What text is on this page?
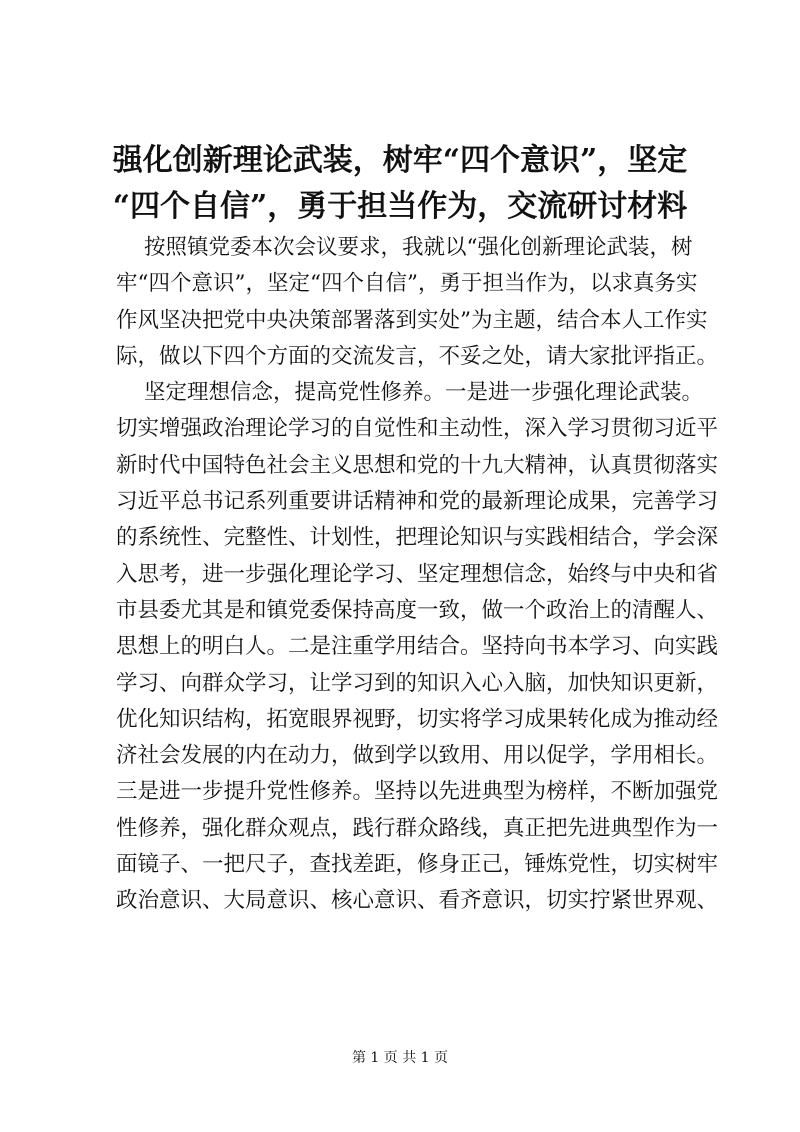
强化创新理论武装，树牢“四个意识”，坚定
“四个自信”，勇于担当作为，交流研讨材料
按照镇党委本次会议要求，我就以“强化创新理论武装，树
牢“四个意识”，坚定“四个自信”，勇于担当作为，以求真务实
作风坚决把党中央决策部署落到实处”为主题，结合本人工作实
际，做以下四个方面的交流发言，不妥之处，请大家批评指正。
坚定理想信念，提高党性修养。一是进一步强化理论武装。
切实增强政治理论学习的自觉性和主动性，深入学习贯彻习近平
新时代中国特色社会主义思想和党的十九大精神，认真贯彻落实
习近平总书记系列重要讲话精神和党的最新理论成果，完善学习
的系统性、完整性、计划性，把理论知识与实践相结合，学会深
入思考，进一步强化理论学习、坚定理想信念，始终与中央和省
市县委尤其是和镇党委保持高度一致，做一个政治上的清醒人、
思想上的明白人。二是注重学用结合。坚持向书本学习、向实践
学习、向群众学习，让学习到的知识入心入脑，加快知识更新，
优化知识结构，拓宽眼界视野，切实将学习成果转化成为推动经
济社会发展的内在动力，做到学以致用、用以促学，学用相长。
三是进一步提升党性修养。坚持以先进典型为榜样，不断加强党
性修养，强化群众观点，践行群众路线，真正把先进典型作为一
面镜子、一把尺子，查找差距，修身正己，锤炼党性，切实树牢
政治意识、大局意识、核心意识、看齐意识，切实拧紧世界观、
第 1 页 共 1 页
